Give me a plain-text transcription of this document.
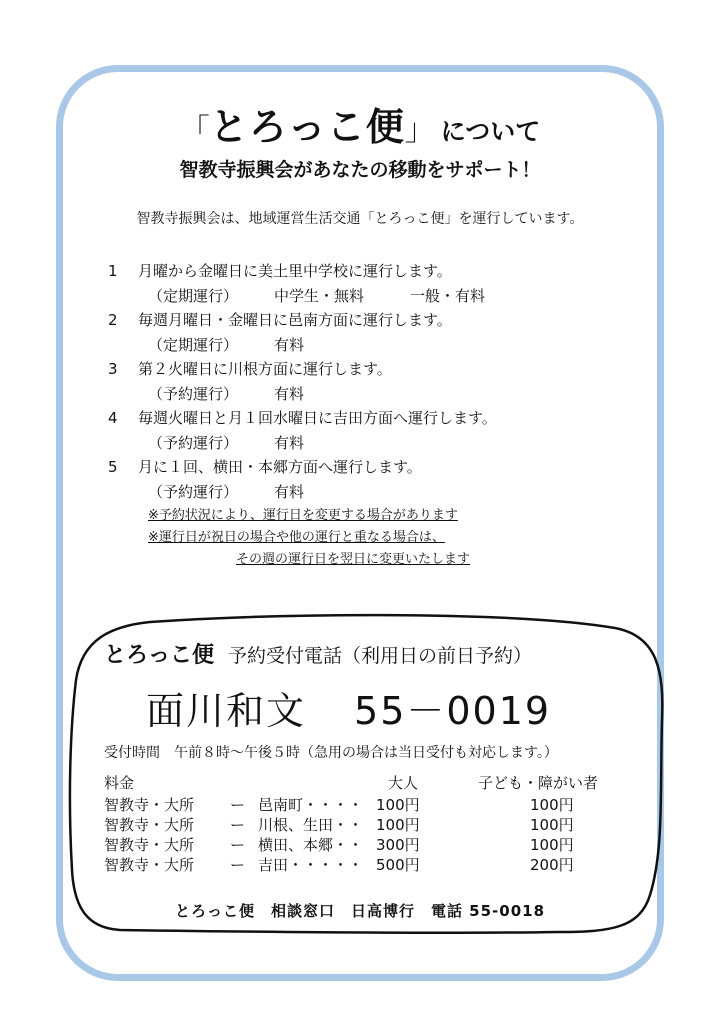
「とろっこ便」 について
智教寺振興会があなたの移動をサポート！
智教寺振興会は、地域運営生活交通「とろっこ便」を運行しています。
1 月曜から金曜日に美土里中学校に運行します。
（定期運行） 中学生・無料	一般・有料
2 毎週月曜日・金曜日に邑南方面に運行します。
（定期運行） 有料
3 第２火曜日に川根方面に運行します。
（予約運行） 有料
4 毎週火曜日と月１回水曜日に吉田方面へ運行します。
（予約運行） 有料
5 月に１回、横田・本郷方面へ運行します。
（予約運行） 有料
※予約状況により、運行日を変更する場合があります
※運行日が祝日の場合や他の運行と重なる場合は、
その週の運行日を翌日に変更いたします
とろっこ便 予約受付電話（利用日の前日予約）
面川和文 55－0019
受付時間　午前８時～午後５時（急用の場合は当日受付も対応します。）
料金	大人	子ども・障がい者
智教寺・大所 ー 邑南町・・・・ 100円	100円
智教寺・大所 ー 川根、生田・・ 100円	100円
智教寺・大所 ー 横田、本郷・・ 300円	100円
智教寺・大所 ー 吉田・・・・・ 500円	200円
とろっこ便　相談窓口　日高博行　電話 55-0018
